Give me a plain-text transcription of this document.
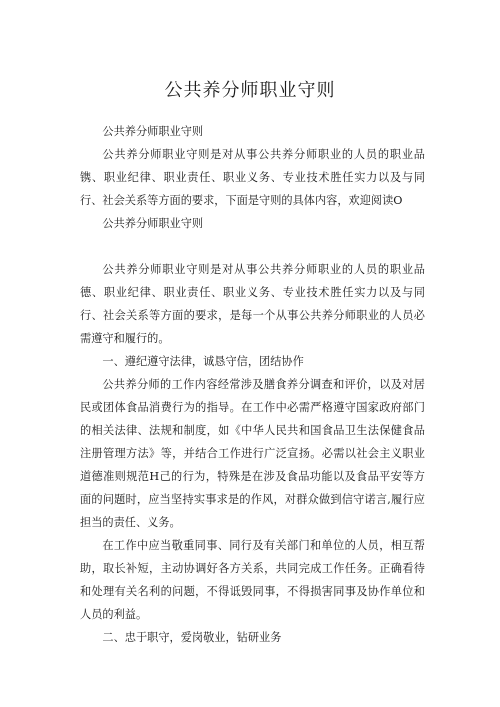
公共养分师职业守则

公共养分师职业守则

公共养分师职业守则是对从事公共养分师职业的人员的职业品镌、职业纪律、职业责任、职业义务、专业技术胜任实力以及与同行、社会关系等方面的要求，下面是守则的具体内容，欢迎阅读O

公共养分师职业守则

公共养分师职业守则是对从事公共养分师职业的人员的职业品德、职业纪律、职业责任、职业义务、专业技术胜任实力以及与同行、社会关系等方面的要求，是每一个从事公共养分师职业的人员必需遵守和履行的。

一、遵纪遵守法律，诚恳守信，团结协作

公共养分师的工作内容经常涉及膳食养分调查和评价，以及对居民或团体食品消费行为的指导。在工作中必需严格遵守国家政府部门的相关法律、法规和制度，如《中华人民共和国食品卫生法保健食品注册管理方法》等，并结合工作进行广泛宣扬。必需以社会主义职业道德准则规范H己的行为，特殊是在涉及食品功能以及食品平安等方面的问题时，应当坚持实事求是的作风，对群众做到信守诺言,履行应担当的责任、义务。

在工作中应当敬重同事、同行及有关部门和单位的人员，相互帮助，取长补短，主动协调好各方关系，共同完成工作任务。正确看待和处理有关名利的问题，不得诋毁同事，不得损害同事及协作单位和人员的利益。

二、忠于职守，爱岗敬业，钻研业务
